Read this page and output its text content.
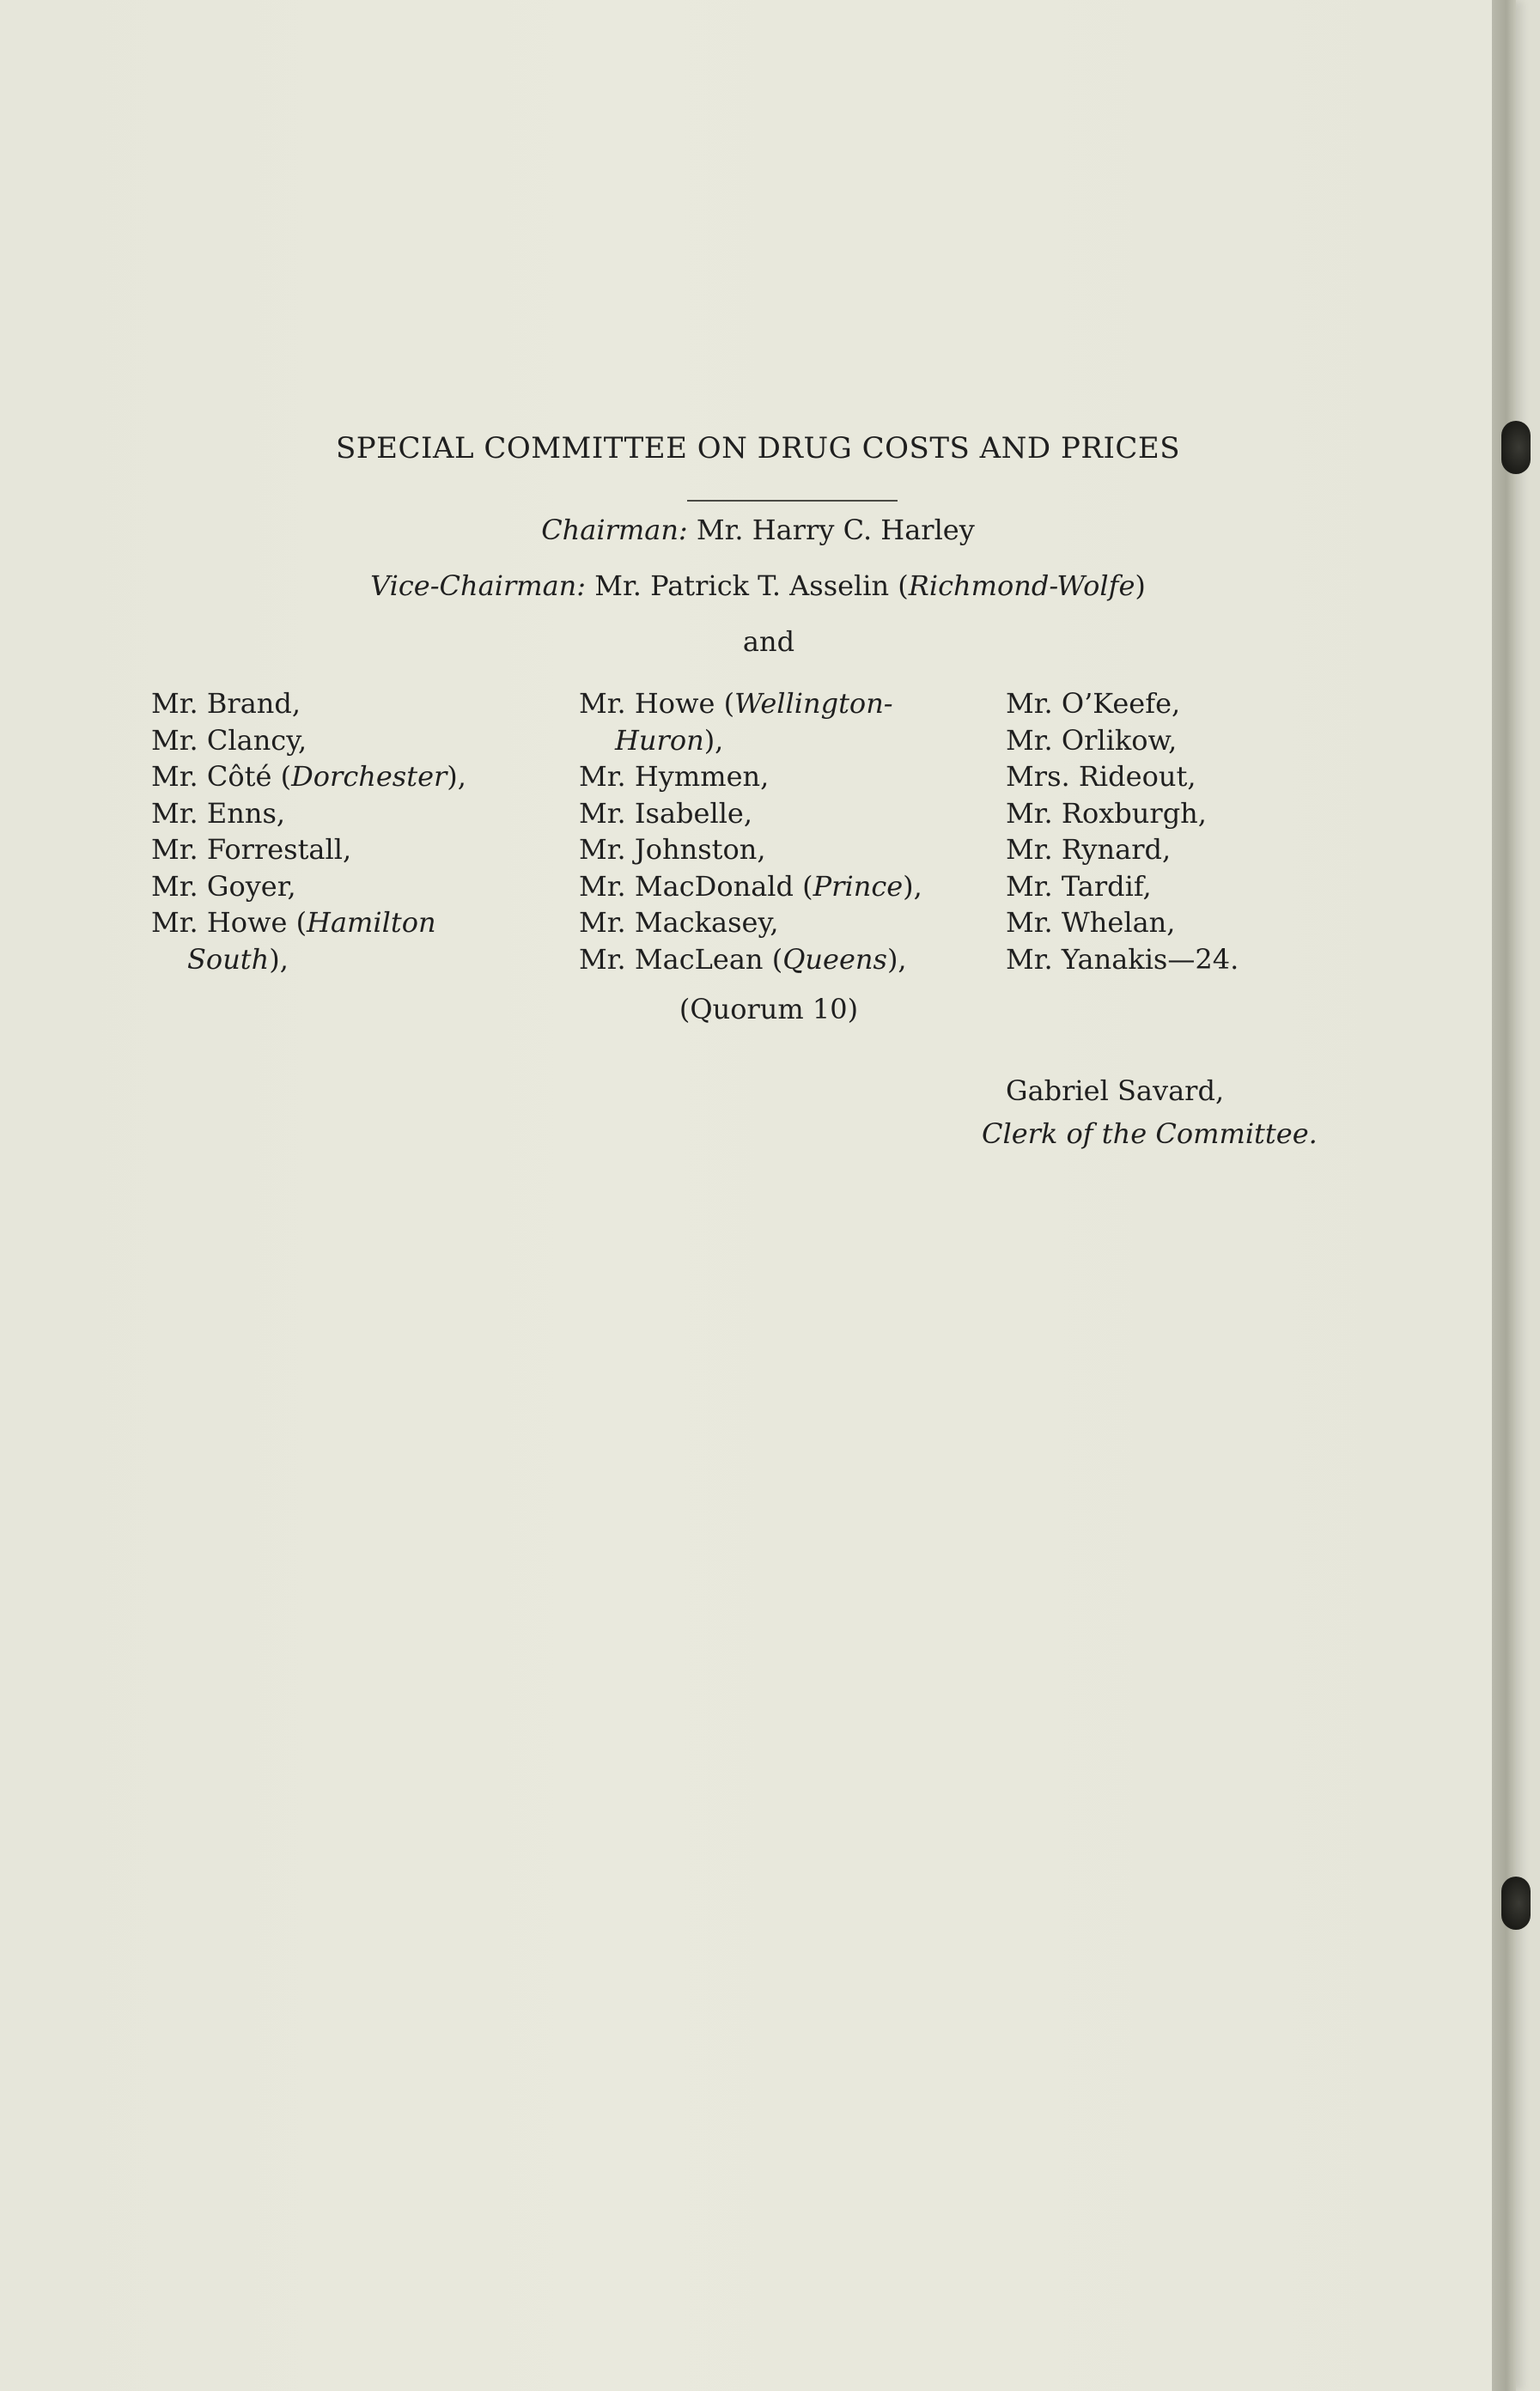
SPECIAL COMMITTEE ON DRUG COSTS AND PRICES
Chairman: Mr. Harry C. Harley
Vice-Chairman: Mr. Patrick T. Asselin (Richmond-Wolfe)
and
Mr. Brand,
Mr. Clancy,
Mr. Côté (Dorchester),
Mr. Enns,
Mr. Forrestall,
Mr. Goyer,
Mr. Howe (Hamilton
South),
Mr. Howe (Wellington-
Huron),
Mr. Hymmen,
Mr. Isabelle,
Mr. Johnston,
Mr. MacDonald (Prince),
Mr. Mackasey,
Mr. MacLean (Queens),
Mr. O’Keefe,
Mr. Orlikow,
Mrs. Rideout,
Mr. Roxburgh,
Mr. Rynard,
Mr. Tardif,
Mr. Whelan,
Mr. Yanakis—24.
(Quorum 10)
Gabriel Savard,
Clerk of the Committee.
